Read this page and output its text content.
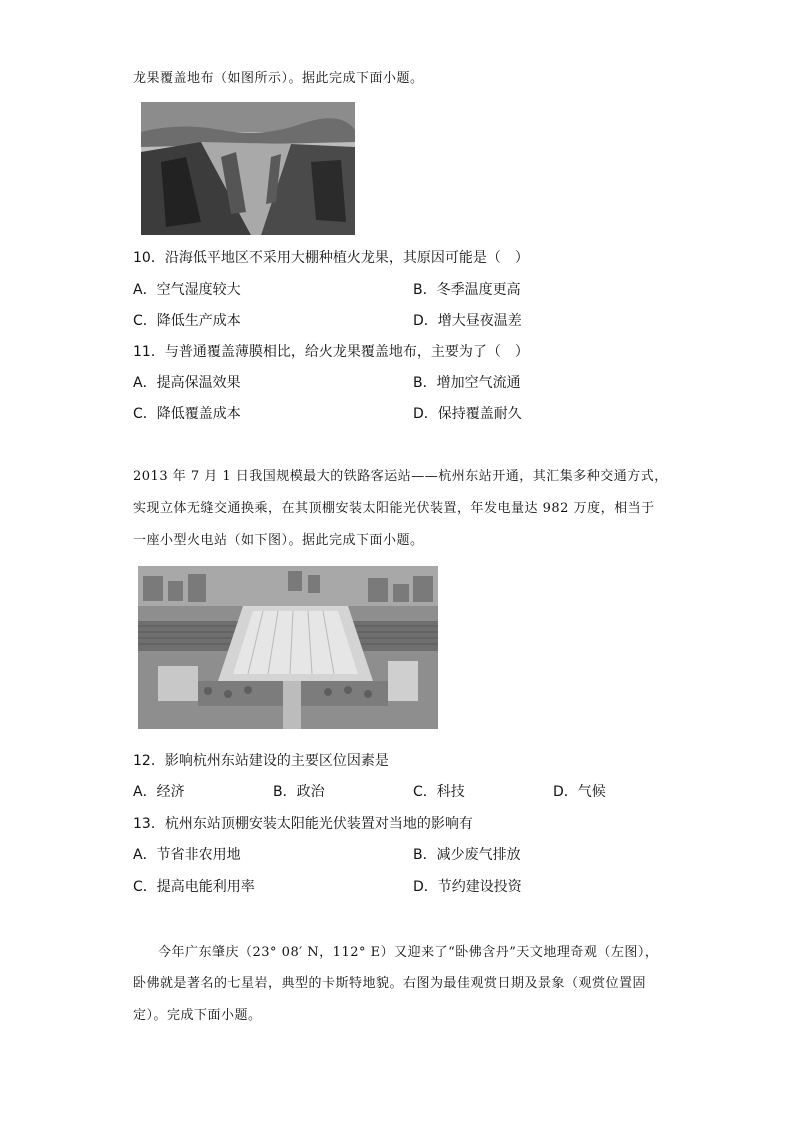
龙果覆盖地布（如图所示）。据此完成下面小题。
10．沿海低平地区不采用大棚种植火龙果，其原因可能是（　）
A．空气湿度较大	B．冬季温度更高
C．降低生产成本	D．增大昼夜温差
11．与普通覆盖薄膜相比，给火龙果覆盖地布，主要为了（　）
A．提高保温效果	B．增加空气流通
C．降低覆盖成本	D．保持覆盖耐久
2013 年 7 月 1 日我国规模最大的铁路客运站——杭州东站开通，其汇集多种交通方式，
实现立体无缝交通换乘，在其顶棚安装太阳能光伏装置，年发电量达 982 万度，相当于
一座小型火电站（如下图）。据此完成下面小题。
12．影响杭州东站建设的主要区位因素是
A．经济	B．政治	C．科技	D．气候
13．杭州东站顶棚安装太阳能光伏装置对当地的影响有
A．节省非农用地	B．减少废气排放
C．提高电能利用率	D．节约建设投资
今年广东肇庆（23° 08′ N，112° E）又迎来了“卧佛含丹”天文地理奇观（左图），
卧佛就是著名的七星岩，典型的卡斯特地貌。右图为最佳观赏日期及景象（观赏位置固
定）。完成下面小题。
